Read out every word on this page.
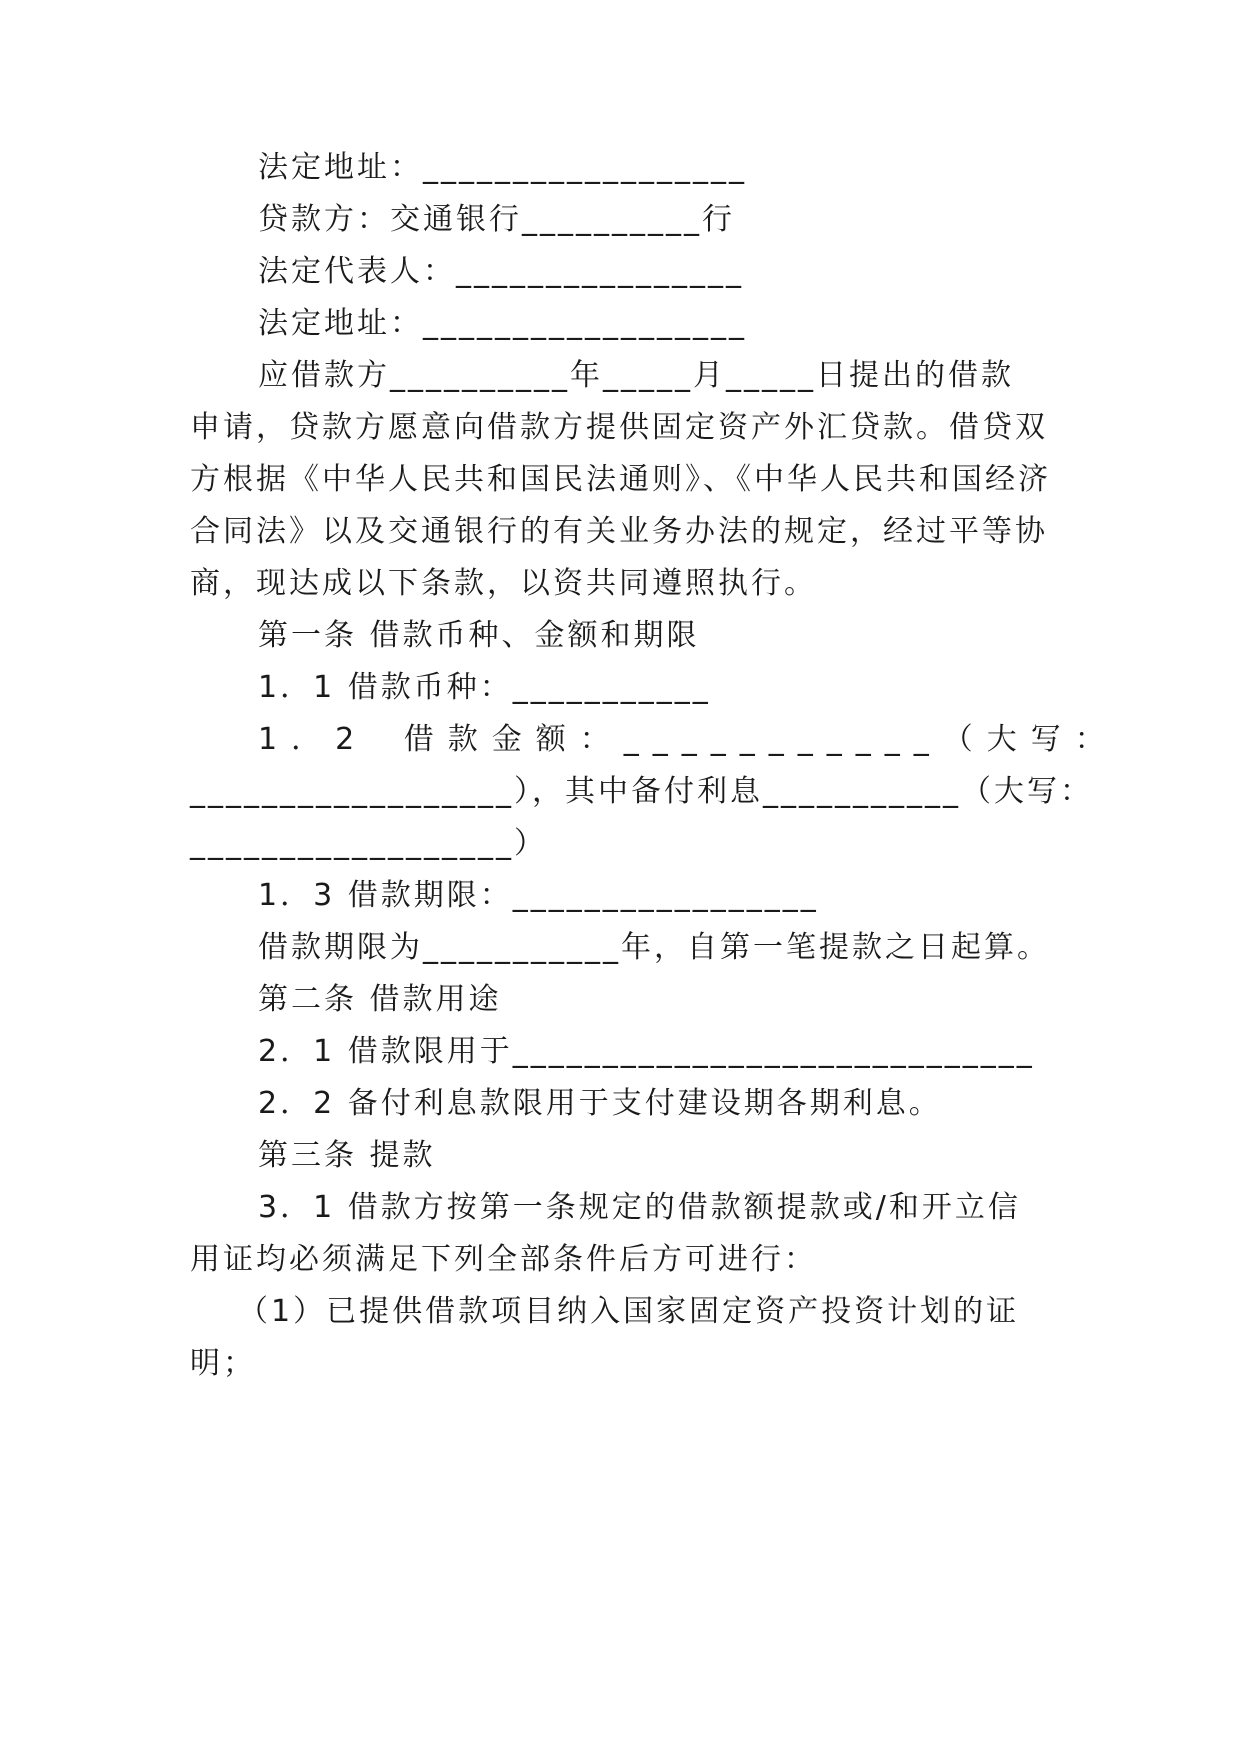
法定地址：__________________
贷款方：交通银行__________行
法定代表人：________________
法定地址：__________________
应借款方__________年_____月_____日提出的借款
申请，贷款方愿意向借款方提供固定资产外汇贷款。借贷双
方根据《中华人民共和国民法通则》、《中华人民共和国经济
合同法》以及交通银行的有关业务办法的规定，经过平等协
商，现达成以下条款，以资共同遵照执行。
第一条 借款币种、金额和期限
1．1 借款币种：___________
1．2 借款金额：___________（大写：
__________________），其中备付利息___________（大写：
__________________）
1．3 借款期限：_________________
借款期限为___________年，自第一笔提款之日起算。
第二条 借款用途
2．1 借款限用于_____________________________
2．2 备付利息款限用于支付建设期各期利息。
第三条 提款
3．1 借款方按第一条规定的借款额提款或/和开立信
用证均必须满足下列全部条件后方可进行：
（1）已提供借款项目纳入国家固定资产投资计划的证
明；
